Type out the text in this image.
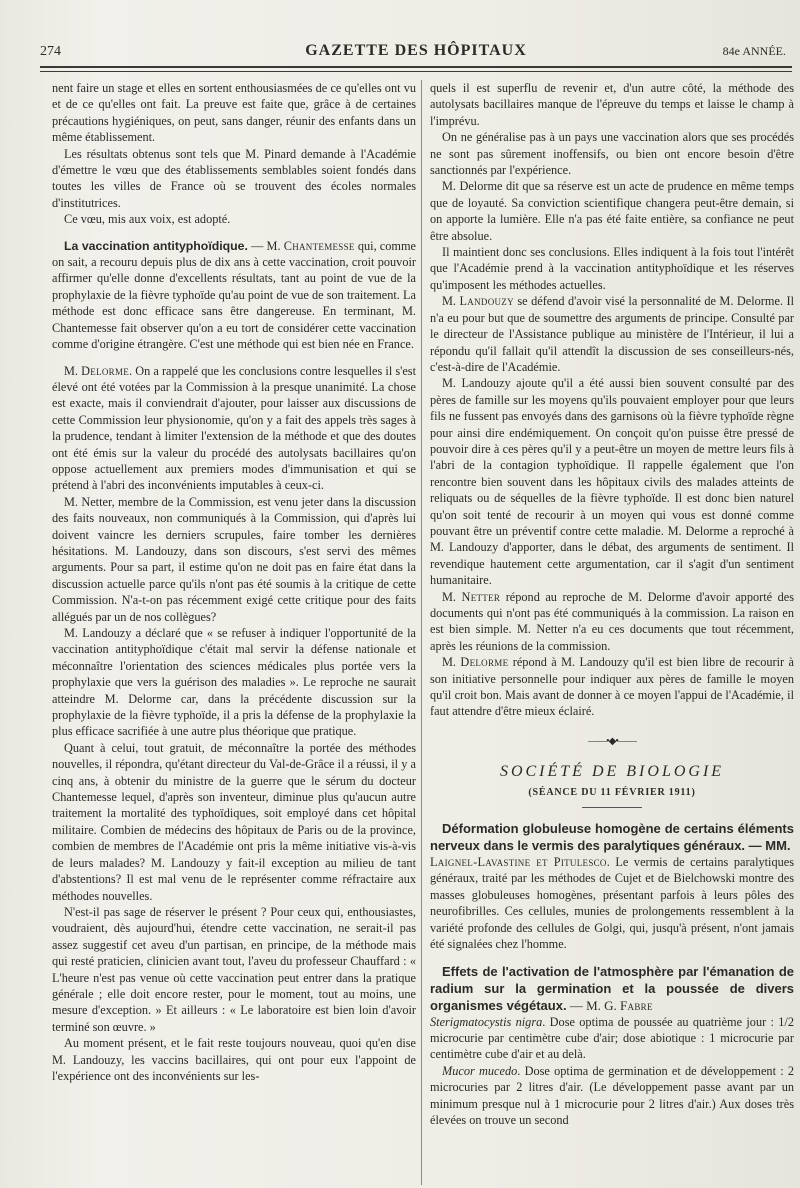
274	GAZETTE DES HÔPITAUX	84e ANNÉE.

nent faire un stage et elles en sortent enthousiasmées de ce qu'elles ont vu et de ce qu'elles ont fait. La preuve est faite que, grâce à de certaines précautions hygiéniques, on peut, sans danger, réunir des enfants dans un même établissement.

Les résultats obtenus sont tels que M. Pinard demande à l'Académie d'émettre le vœu que des établissements semblables soient fondés dans toutes les villes de France où se trouvent des écoles normales d'institutrices.

Ce vœu, mis aux voix, est adopté.

La vaccination antityphoïdique. — M. Chantemesse qui, comme on sait, a recouru depuis plus de dix ans à cette vaccination, croit pouvoir affirmer qu'elle donne d'excellents résultats, tant au point de vue de la prophylaxie de la fièvre typhoïde qu'au point de vue de son traitement. La méthode est donc efficace sans être dangereuse. En terminant, M. Chantemesse fait observer qu'on a eu tort de considérer cette vaccination comme d'origine étrangère. C'est une méthode qui est bien née en France.

M. Delorme. On a rappelé que les conclusions contre lesquelles il s'est élevé ont été votées par la Commission à la presque unanimité. La chose est exacte, mais il conviendrait d'ajouter, pour laisser aux discussions de cette Commission leur physionomie, qu'on y a fait des appels très sages à la prudence, tendant à limiter l'extension de la méthode et que des doutes ont été émis sur la valeur du procédé des autolysats bacillaires qu'on oppose actuellement aux premiers modes d'immunisation et qui se prétend à l'abri des inconvénients imputables à ceux-ci.

M. Netter, membre de la Commission, est venu jeter dans la discussion des faits nouveaux, non communiqués à la Commission, qui d'après lui doivent vaincre les derniers scrupules, faire tomber les dernières hésitations. M. Landouzy, dans son discours, s'est servi des mêmes arguments. Pour sa part, il estime qu'on ne doit pas en faire état dans la discussion actuelle parce qu'ils n'ont pas été soumis à la critique de cette Commission. N'a-t-on pas récemment exigé cette critique pour des faits allégués par un de nos collègues?

M. Landouzy a déclaré que « se refuser à indiquer l'opportunité de la vaccination antityphoïdique c'était mal servir la défense nationale et méconnaître l'orientation des sciences médicales plus portée vers la prophylaxie que vers la guérison des maladies ». Le reproche ne saurait atteindre M. Delorme car, dans la précédente discussion sur la prophylaxie de la fièvre typhoïde, il a pris la défense de la prophylaxie la plus efficace sacrifiée à une autre plus théorique que pratique.

Quant à celui, tout gratuit, de méconnaître la portée des méthodes nouvelles, il répondra, qu'étant directeur du Val-de-Grâce il a réussi, il y a cinq ans, à obtenir du ministre de la guerre que le sérum du docteur Chantemesse lequel, d'après son inventeur, diminue plus qu'aucun autre traitement la mortalité des typhoïdiques, soit employé dans cet hôpital militaire. Combien de médecins des hôpitaux de Paris ou de la province, combien de membres de l'Académie ont pris la même initiative vis-à-vis de leurs malades? M. Landouzy y fait-il exception au milieu de tant d'abstentions? Il est mal venu de le représenter comme réfractaire aux méthodes nouvelles.

N'est-il pas sage de réserver le présent ? Pour ceux qui, enthousiastes, voudraient, dès aujourd'hui, étendre cette vaccination, ne serait-il pas assez suggestif cet aveu d'un partisan, en principe, de la méthode mais qui resté praticien, clinicien avant tout, l'aveu du professeur Chauffard : « L'heure n'est pas venue où cette vaccination peut entrer dans la pratique générale ; elle doit encore rester, pour le moment, tout au moins, une mesure d'exception. » Et ailleurs : « Le laboratoire est bien loin d'avoir terminé son œuvre. »

Au moment présent, et le fait reste toujours nouveau, quoi qu'en dise M. Landouzy, les vaccins bacillaires, qui ont pour eux l'appoint de l'expérience ont des inconvénients sur les-

quels il est superflu de revenir et, d'un autre côté, la méthode des autolysats bacillaires manque de l'épreuve du temps et laisse le champ à l'imprévu.

On ne généralise pas à un pays une vaccination alors que ses procédés ne sont pas sûrement inoffensifs, ou bien ont encore besoin d'être sanctionnés par l'expérience.

M. Delorme dit que sa réserve est un acte de prudence en même temps que de loyauté. Sa conviction scientifique changera peut-être demain, si on apporte la lumière. Elle n'a pas été faite entière, sa confiance ne peut être absolue.

Il maintient donc ses conclusions. Elles indiquent à la fois tout l'intérêt que l'Académie prend à la vaccination antityphoïdique et les réserves qu'imposent les méthodes actuelles.

M. Landouzy se défend d'avoir visé la personnalité de M. Delorme. Il n'a eu pour but que de soumettre des arguments de principe. Consulté par le directeur de l'Assistance publique au ministère de l'Intérieur, il lui a répondu qu'il fallait qu'il attendît la discussion de ses conseilleurs-nés, c'est-à-dire de l'Académie.

M. Landouzy ajoute qu'il a été aussi bien souvent consulté par des pères de famille sur les moyens qu'ils pouvaient employer pour que leurs fils ne fussent pas envoyés dans des garnisons où la fièvre typhoïde règne pour ainsi dire endémiquement. On conçoit qu'on puisse être pressé de pouvoir dire à ces pères qu'il y a peut-être un moyen de mettre leurs fils à l'abri de la contagion typhoïdique. Il rappelle également que l'on rencontre bien souvent dans les hôpitaux civils des malades atteints de reliquats ou de séquelles de la fièvre typhoïde. Il est donc bien naturel qu'on soit tenté de recourir à un moyen qui vous est donné comme pouvant être un préventif contre cette maladie. M. Delorme a reproché à M. Landouzy d'apporter, dans le débat, des arguments de sentiment. Il revendique hautement cette argumentation, car il s'agit d'un sentiment humanitaire.

M. Netter répond au reproche de M. Delorme d'avoir apporté des documents qui n'ont pas été communiqués à la commission. La raison en est bien simple. M. Netter n'a eu ces documents que tout récemment, après les réunions de la commission.

M. Delorme répond à M. Landouzy qu'il est bien libre de recourir à son initiative personnelle pour indiquer aux pères de famille le moyen qu'il croit bon. Mais avant de donner à ce moyen l'appui de l'Académie, il faut attendre d'être mieux éclairé.

——•◆•——
SOCIÉTÉ DE BIOLOGIE
(SÉANCE DU 11 FÉVRIER 1911)

Déformation globuleuse homogène de certains éléments nerveux dans le vermis des paralytiques généraux. — MM.

Laignel-Lavastine et Pitulesco. Le vermis de certains paralytiques généraux, traité par les méthodes de Cujet et de Bielchowski montre des masses globuleuses homogènes, présentant parfois à leurs pôles des neurofibrilles. Ces cellules, munies de prolongements ressemblent à la variété profonde des cellules de Golgi, qui, jusqu'à présent, n'ont jamais été signalées chez l'homme.

Effets de l'activation de l'atmosphère par l'émanation de radium sur la germination et la poussée de divers organismes végétaux. — M. G. Fabre

Sterigmatocystis nigra. Dose optima de poussée au quatrième jour : 1/2 microcurie par centimètre cube d'air; dose abiotique : 1 microcurie par centimètre cube d'air et au delà.

Mucor mucedo. Dose optima de germination et de développement : 2 microcuries par 2 litres d'air. (Le développement passe avant par un minimum presque nul à 1 microcurie pour 2 litres d'air.) Aux doses très élevées on trouve un second
